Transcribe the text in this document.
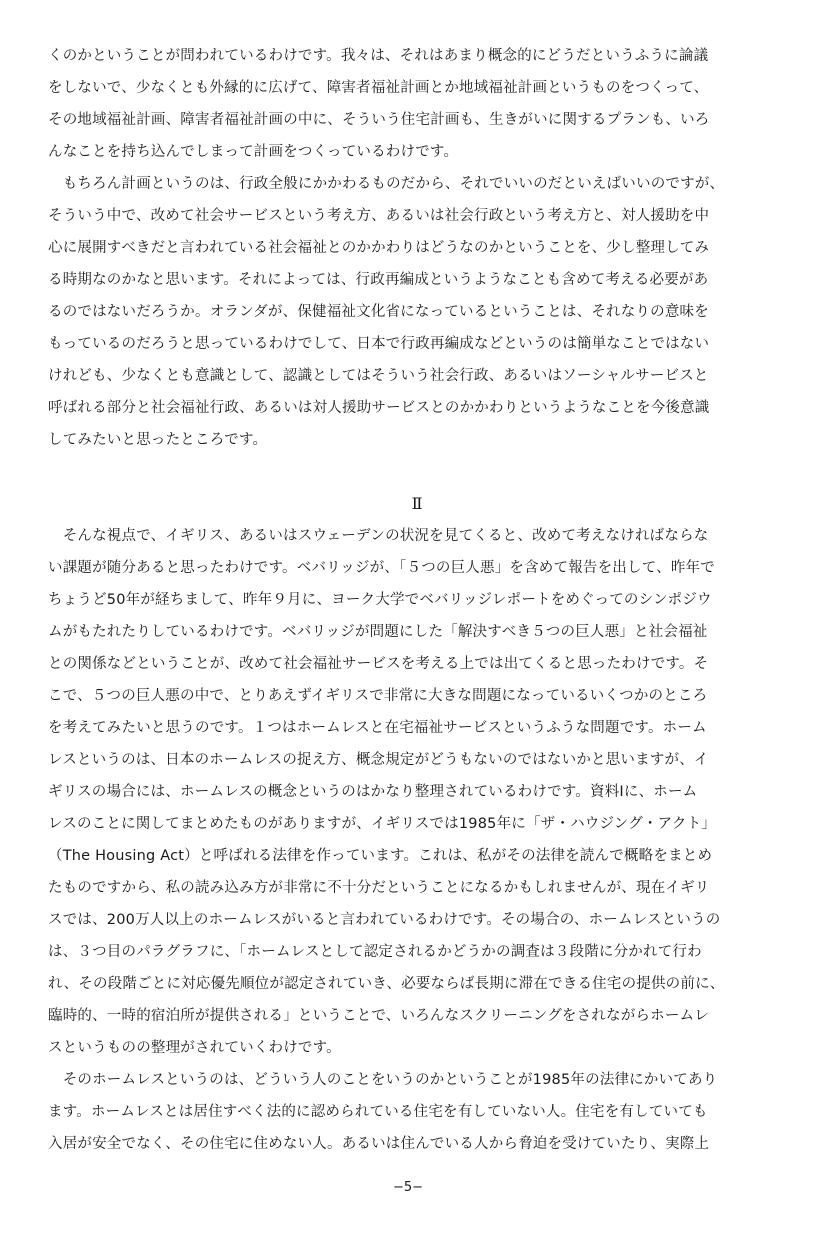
くのかということが問われているわけです。我々は、それはあまり概念的にどうだというふうに論議
をしないで、少なくとも外縁的に広げて、障害者福祉計画とか地域福祉計画というものをつくって、
その地域福祉計画、障害者福祉計画の中に、そういう住宅計画も、生きがいに関するプランも、いろ
んなことを持ち込んでしまって計画をつくっているわけです。

　もちろん計画というのは、行政全般にかかわるものだから、それでいいのだといえばいいのですが、
そういう中で、改めて社会サービスという考え方、あるいは社会行政という考え方と、対人援助を中
心に展開すべきだと言われている社会福祉とのかかわりはどうなのかということを、少し整理してみ
る時期なのかなと思います。それによっては、行政再編成というようなことも含めて考える必要があ
るのではないだろうか。オランダが、保健福祉文化省になっているということは、それなりの意味を
もっているのだろうと思っているわけでして、日本で行政再編成などというのは簡単なことではない
けれども、少なくとも意識として、認識としてはそういう社会行政、あるいはソーシャルサービスと
呼ばれる部分と社会福祉行政、あるいは対人援助サービスとのかかわりというようなことを今後意識
してみたいと思ったところです。

Ⅱ

　そんな視点で、イギリス、あるいはスウェーデンの状況を見てくると、改めて考えなければならな
い課題が随分あると思ったわけです。ベバリッジが、「５つの巨人悪」を含めて報告を出して、昨年で
ちょうど50年が経ちまして、昨年９月に、ヨーク大学でベバリッジレポートをめぐってのシンポジウ
ムがもたれたりしているわけです。ベバリッジが問題にした「解決すべき５つの巨人悪」と社会福祉
との関係などということが、改めて社会福祉サービスを考える上では出てくると思ったわけです。そ
こで、５つの巨人悪の中で、とりあえずイギリスで非常に大きな問題になっているいくつかのところ
を考えてみたいと思うのです。１つはホームレスと在宅福祉サービスというふうな問題です。ホーム
レスというのは、日本のホームレスの捉え方、概念規定がどうもないのではないかと思いますが、イ
ギリスの場合には、ホームレスの概念というのはかなり整理されているわけです。資料Ⅰに、ホーム
レスのことに関してまとめたものがありますが、イギリスでは1985年に「ザ・ハウジング・アクト」
（The Housing Act）と呼ばれる法律を作っています。これは、私がその法律を読んで概略をまとめ
たものですから、私の読み込み方が非常に不十分だということになるかもしれませんが、現在イギリ
スでは、200万人以上のホームレスがいると言われているわけです。その場合の、ホームレスというの
は、３つ目のパラグラフに、「ホームレスとして認定されるかどうかの調査は３段階に分かれて行わ
れ、その段階ごとに対応優先順位が認定されていき、必要ならば長期に滞在できる住宅の提供の前に、
臨時的、一時的宿泊所が提供される」ということで、いろんなスクリーニングをされながらホームレ
スというものの整理がされていくわけです。

　そのホームレスというのは、どういう人のことをいうのかということが1985年の法律にかいてあり
ます。ホームレスとは居住すべく法的に認められている住宅を有していない人。住宅を有していても
入居が安全でなく、その住宅に住めない人。あるいは住んでいる人から脅迫を受けていたり、実際上

−5−
